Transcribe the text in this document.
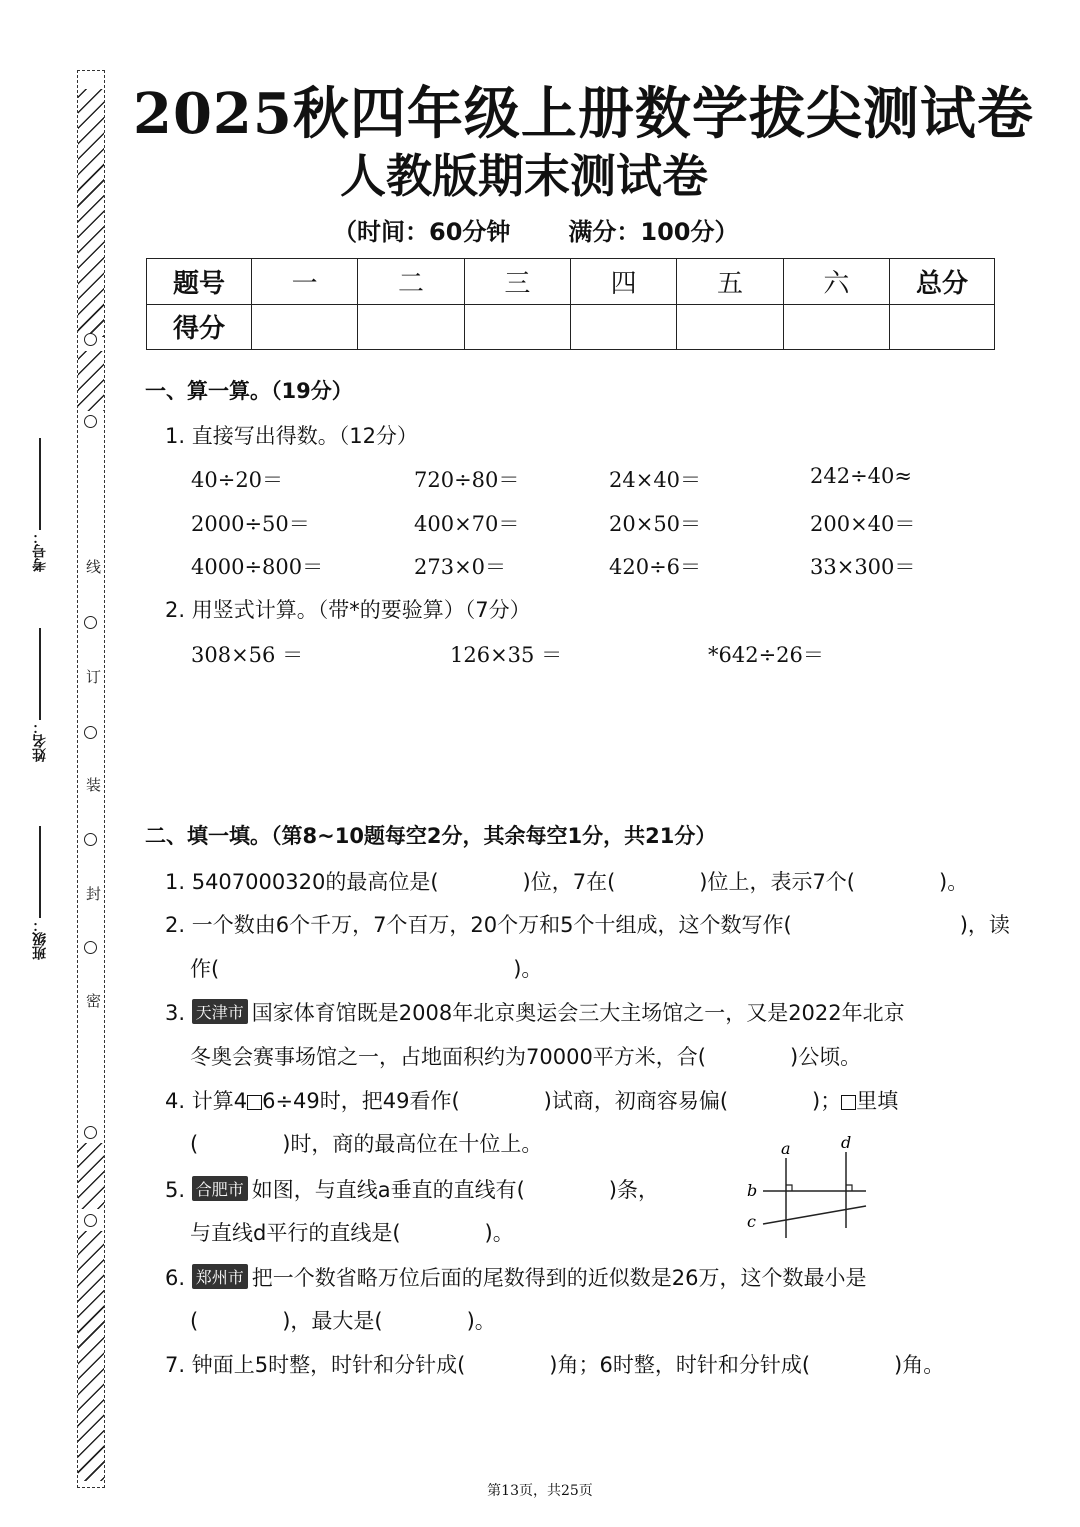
线
订
装
封
密
考号：
姓名：
班级：
2025秋四年级上册数学拔尖测试卷
人教版期末测试卷
（时间：60分钟 满分：100分）
题号	一	二	三	四	五	六	总分
得分							
一、算一算。（19分）
1. 直接写出得数。（12分）
40÷20＝	720÷80＝	24×40＝	242÷40≈
2000÷50＝	400×70＝	20×50＝	200×40＝
4000÷800＝	273×0＝	420÷6＝	33×300＝
2. 用竖式计算。（带*的要验算）（7分）
308×56 ＝	126×35 ＝	*642÷26＝
二、填一填。（第8~10题每空2分，其余每空1分，共21分）
1. 5407000320的最高位是(　　　　)位，7在(　　　　)位上，表示7个(　　　　)。
2. 一个数由6个千万，7个百万，20个万和5个十组成，这个数写作(　　　　　　　　)，读
作(　　　　　　　　　　　　　　)。
3. 天津市 国家体育馆既是2008年北京奥运会三大主场馆之一，又是2022年北京
冬奥会赛事场馆之一，占地面积约为70000平方米，合(　　　　)公顷。
4. 计算4 6÷49时，把49看作(　　　　)试商，初商容易偏(　　　　)； 里填
(　　　　)时，商的最高位在十位上。
5. 合肥市 如图，与直线a垂直的直线有(　　　　)条，
与直线d平行的直线是(　　　　)。
a	d
b
c
6. 郑州市 把一个数省略万位后面的尾数得到的近似数是26万，这个数最小是
(　　　　)，最大是(　　　　)。
7. 钟面上5时整，时针和分针成(　　　　)角；6时整，时针和分针成(　　　　)角。
第13页，共25页
